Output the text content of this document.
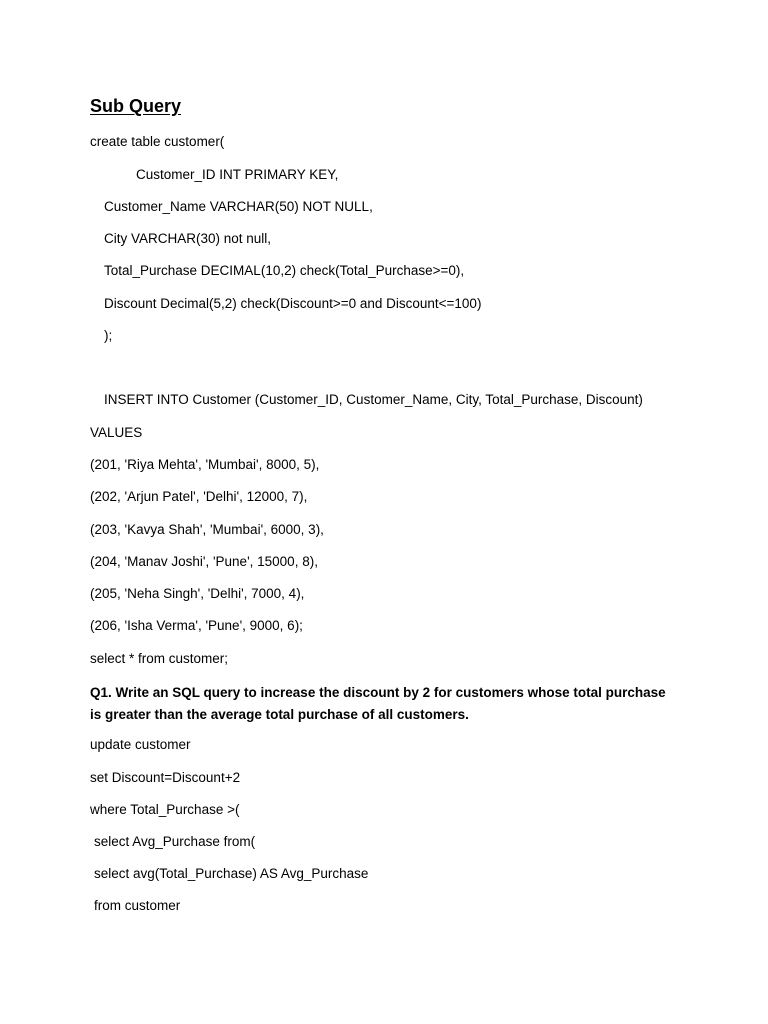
Sub Query
create table customer(
Customer_ID INT PRIMARY KEY,
Customer_Name VARCHAR(50) NOT NULL,
City VARCHAR(30) not null,
Total_Purchase DECIMAL(10,2) check(Total_Purchase>=0),
Discount Decimal(5,2) check(Discount>=0 and Discount<=100)
);
INSERT INTO Customer (Customer_ID, Customer_Name, City, Total_Purchase, Discount)
VALUES
(201, 'Riya Mehta', 'Mumbai', 8000, 5),
(202, 'Arjun Patel', 'Delhi', 12000, 7),
(203, 'Kavya Shah', 'Mumbai', 6000, 3),
(204, 'Manav Joshi', 'Pune', 15000, 8),
(205, 'Neha Singh', 'Delhi', 7000, 4),
(206, 'Isha Verma', 'Pune', 9000, 6);
select * from customer;
Q1. Write an SQL query to increase the discount by 2 for customers whose total purchase is greater than the average total purchase of all customers.
update customer
set Discount=Discount+2
where Total_Purchase >(
select Avg_Purchase from(
select avg(Total_Purchase) AS Avg_Purchase
from customer
